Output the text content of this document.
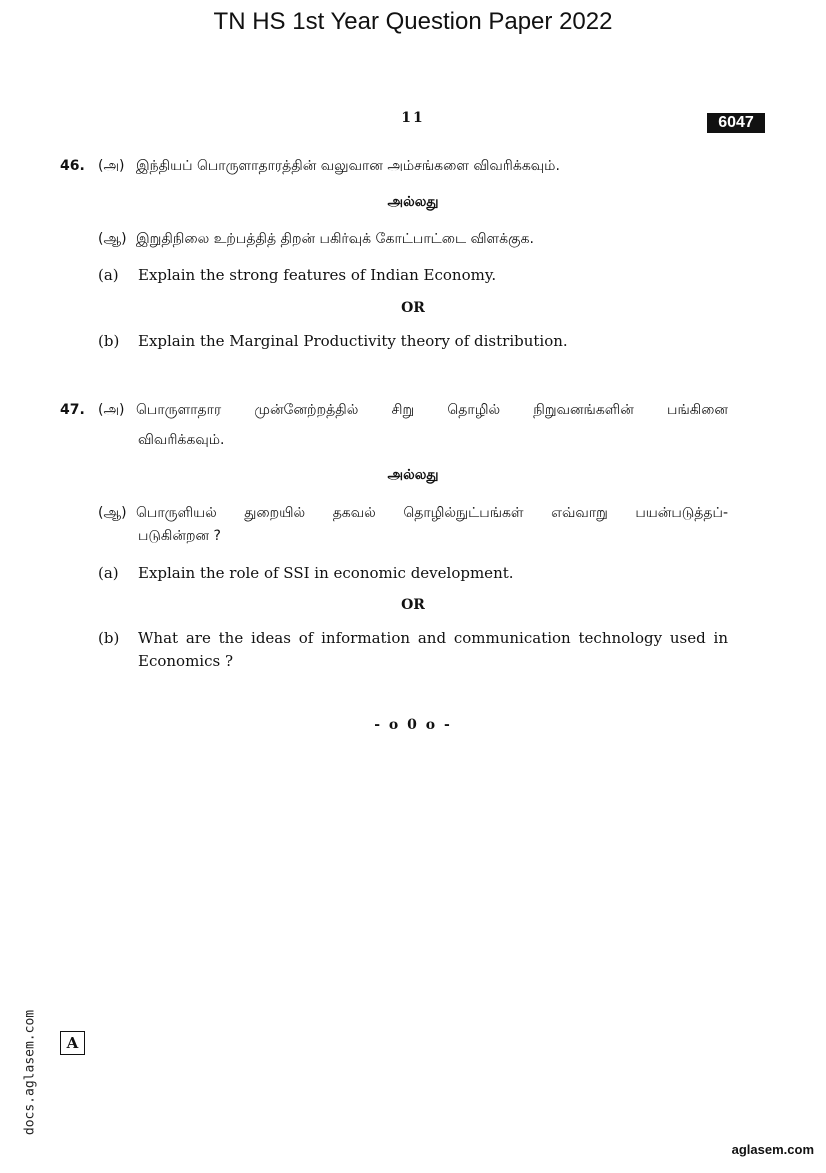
TN HS 1st Year Question Paper 2022
11	6047
46. (அ) இந்தியப் பொருளாதாரத்தின் வலுவான அம்சங்களை விவரிக்கவும்.
அல்லது
(ஆ) இறுதிநிலை உற்பத்தித் திறன் பகிர்வுக் கோட்பாட்டை விளக்குக.
(a) Explain the strong features of Indian Economy.
OR
(b) Explain the Marginal Productivity theory of distribution.
47. (அ) பொருளாதார முன்னேற்றத்தில் சிறு தொழில் நிறுவனங்களின் பங்கினை
விவரிக்கவும்.
அல்லது
(ஆ) பொருளியல் துறையில் தகவல் தொழில்நுட்பங்கள் எவ்வாறு பயன்படுத்தப்-
படுகின்றன ?
(a) Explain the role of SSI in economic development.
OR
(b) What are the ideas of information and communication technology used in
Economics ?
- o 0 o -
docs.aglasem.com	A
aglasem.com
